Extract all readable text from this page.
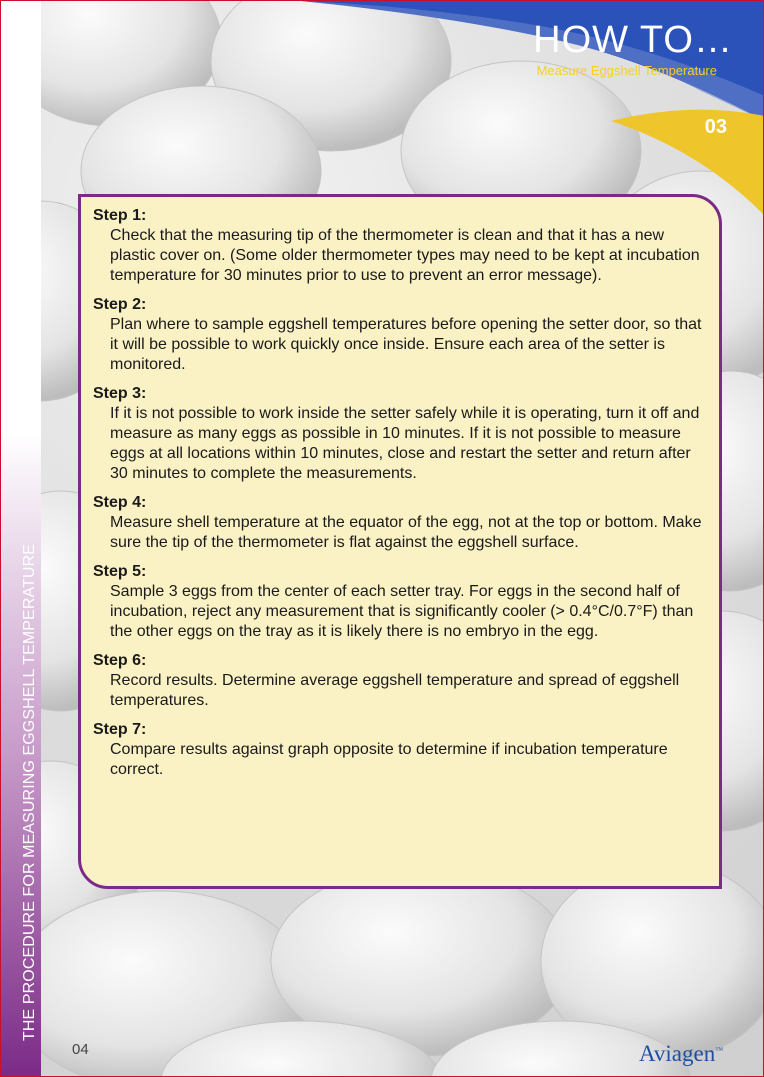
THE PROCEDURE FOR MEASURING EGGSHELL TEMPERATURE
HOW TO…
Measure Eggshell Temperature
03
Step 1:
Check that the measuring tip of the thermometer is clean and that it has a new plastic cover on. (Some older thermometer types may need to be kept at incubation temperature for 30 minutes prior to use to prevent an error message).
Step 2:
Plan where to sample eggshell temperatures before opening the setter door, so that it will be possible to work quickly once inside. Ensure each area of the setter is monitored.
Step 3:
If it is not possible to work inside the setter safely while it is operating, turn it off and measure as many eggs as possible in 10 minutes. If it is not possible to measure eggs at all locations within 10 minutes, close and restart the setter and return after 30 minutes to complete the measurements.
Step 4:
Measure shell temperature at the equator of the egg, not at the top or bottom. Make sure the tip of the thermometer is flat against the eggshell surface.
Step 5:
Sample 3 eggs from the center of each setter tray. For eggs in the second half of incubation, reject any measurement that is significantly cooler (> 0.4°C/0.7°F) than the other eggs on the tray as it is likely there is no embryo in the egg.
Step 6:
Record results. Determine average eggshell temperature and spread of eggshell temperatures.
Step 7:
Compare results against graph opposite to determine if incubation temperature correct.
04	Aviagen™
